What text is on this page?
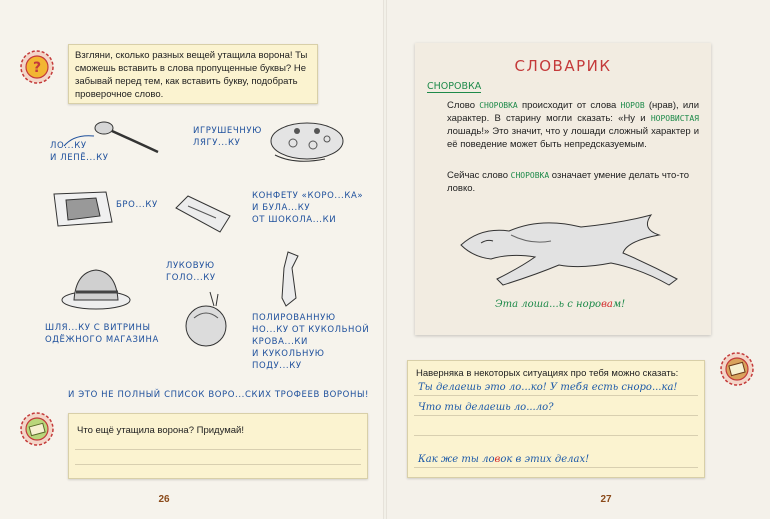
?
Взгляни, сколько разных вещей утащила ворона! Ты сможешь вставить в слова пропущенные буквы? Не забывай перед тем, как вставить букву, подобрать проверочное слово.
ЛО...КУ
И ЛЕПЁ...КУ
ИГРУШЕЧНУЮ
ЛЯГУ...КУ
БРО...КУ
КОНФЕТУ «КОРО...КА»
И БУЛА...КУ
ОТ ШОКОЛА...КИ
ЛУКОВУЮ
ГОЛО...КУ
ШЛЯ...КУ С ВИТРИНЫ
ОДЁЖНОГО МАГАЗИНА
ПОЛИРОВАННУЮ
НО...КУ ОТ КУКОЛЬНОЙ
КРОВА...КИ
И КУКОЛЬНУЮ
ПОДУ...КУ
И ЭТО НЕ ПОЛНЫЙ СПИСОК ВОРО...СКИХ ТРОФЕЕВ ВОРОНЫ!
Что ещё утащила ворона? Придумай!
26
СЛОВАРИК
СНОРОВКА
Слово СНОРОВКА происходит от слова НОРОВ (нрав), или характер. В старину могли сказать: «Ну и НОРОВИСТАЯ лошадь!» Это значит, что у лошади сложный характер и её поведение может быть непредсказуемым.
Сейчас слово СНОРОВКА означает умение делать что-то ловко.
Эта лоша...ь с норовам!
Наверняка в некоторых ситуациях про тебя можно сказать:
Ты делаешь это ло...ко! У тебя есть сноро...ка!
Что ты делаешь ло...ло?
Как же ты ловок в этих делах!
27
